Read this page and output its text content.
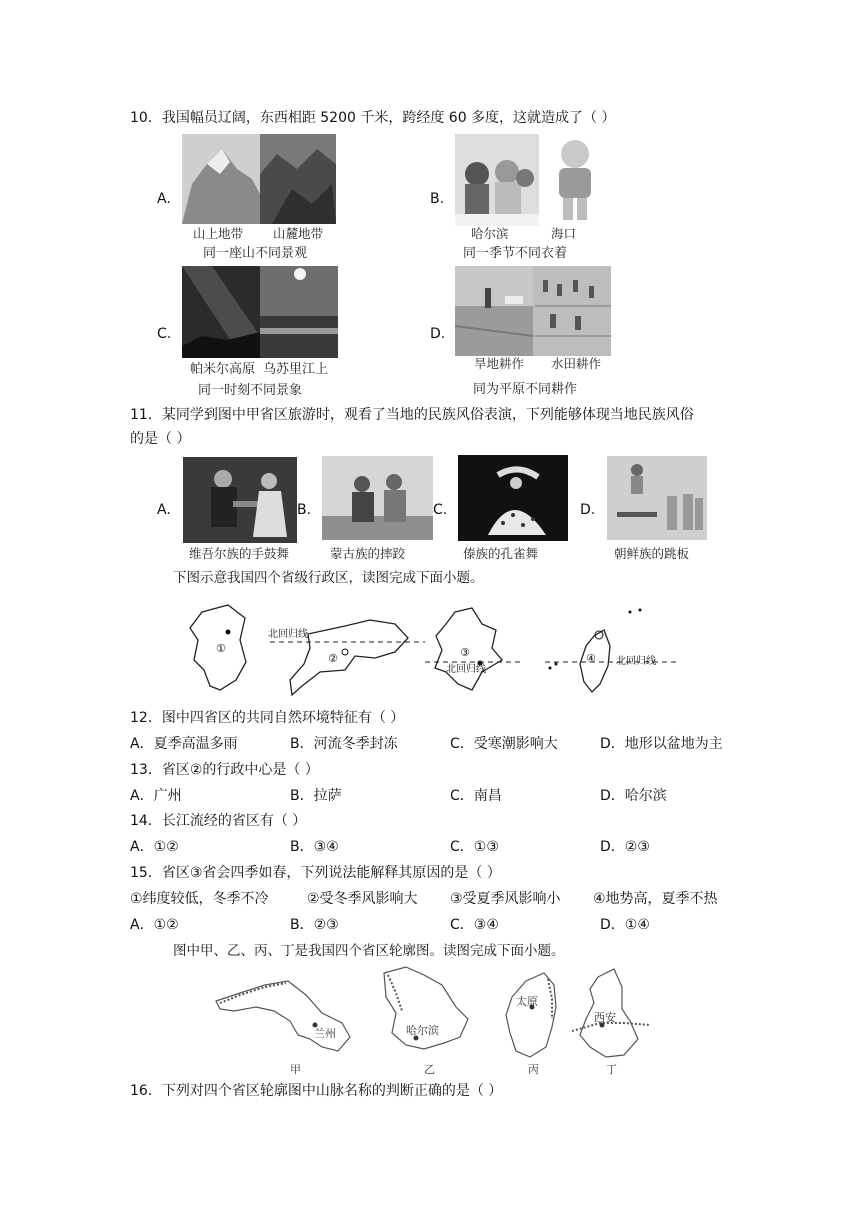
10．我国幅员辽阔，东西相距 5200 千米，跨经度 60 多度，这就造成了（ ）
A.
山上地带 山麓地带
同一座山不同景观
B.
哈尔滨	海口
同一季节不同衣着
C.
帕米尔高原 乌苏里江上
同一时刻不同景象
D.
旱地耕作 水田耕作
同为平原不同耕作
11．某同学到图中甲省区旅游时，观看了当地的民族风俗表演，下列能够体现当地民族风俗
的是（ ）
A.
维吾尔族的手鼓舞
B.
蒙古族的摔跤
C.
傣族的孔雀舞
D.
朝鲜族的跳板
下图示意我国四个省级行政区，读图完成下面小题。
①
②	③	④
北回归线
北回归线
北回归线
12．图中四省区的共同自然环境特征有（ ）
A．夏季高温多雨	B．河流冬季封冻	C．受寒潮影响大	D．地形以盆地为主
13．省区②的行政中心是（ ）
A．广州	B．拉萨	C．南昌	D．哈尔滨
14．长江流经的省区有（ ）
A．①②	B．③④	C．①③	D．②③
15．省区③省会四季如春，下列说法能解释其原因的是（ ）
①纬度较低，冬季不冷	②受冬季风影响大 ③受夏季风影响小 ④地势高，夏季不热
A．①②	B．②③	C．③④	D．①④
图中甲、乙、丙、丁是我国四个省区轮廓图。读图完成下面小题。
兰州	哈尔滨
太原
西安
甲	乙	丙	丁
16．下列对四个省区轮廓图中山脉名称的判断正确的是（ ）
